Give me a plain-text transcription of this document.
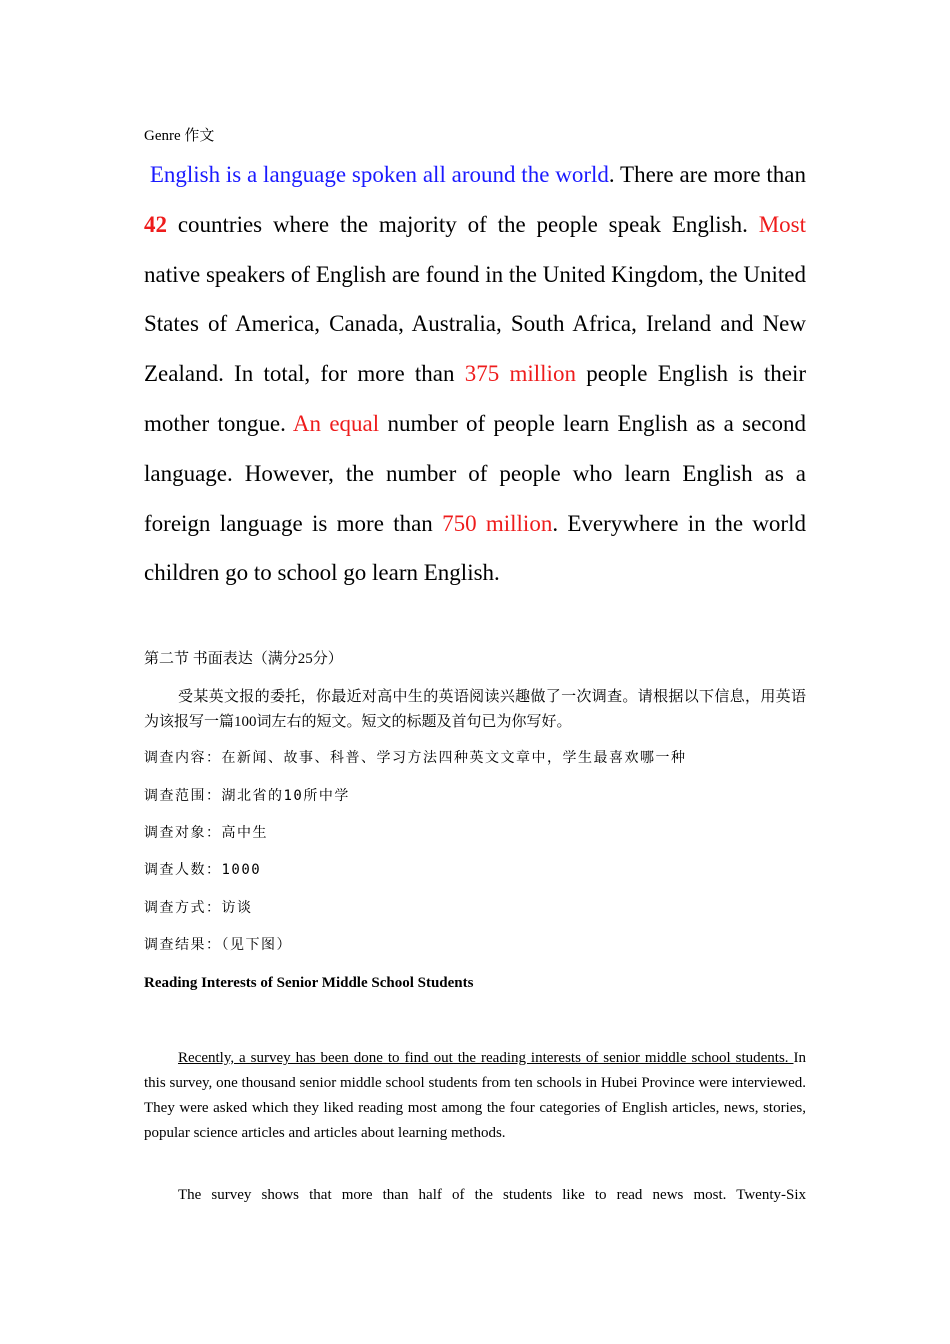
Genre 作文

English is a language spoken all around the world. There are more than 42 countries where the majority of the people speak English. Most native speakers of English are found in the United Kingdom, the United States of America, Canada, Australia, South Africa, Ireland and New Zealand. In total, for more than 375 million people English is their mother tongue. An equal number of people learn English as a second language. However, the number of people who learn English as a foreign language is more than 750 million. Everywhere in the world children go to school go learn English.

第二节 书面表达（满分25分）

受某英文报的委托，你最近对高中生的英语阅读兴趣做了一次调查。请根据以下信息，用英语为该报写一篇100词左右的短文。短文的标题及首句已为你写好。

调查内容：在新闻、故事、科普、学习方法四种英文文章中，学生最喜欢哪一种
调查范围：湖北省的10所中学
调查对象：高中生
调查人数：1000
调查方式：访谈
调查结果：（见下图）
Reading Interests of Senior Middle School Students

Recently, a survey has been done to find out the reading interests of senior middle school students. In this survey, one thousand senior middle school students from ten schools in Hubei Province were interviewed. They were asked which they liked reading most among the four categories of English articles, news, stories, popular science articles and articles about learning methods.

The survey shows that more than half of the students like to read news most. Twenty-Six
